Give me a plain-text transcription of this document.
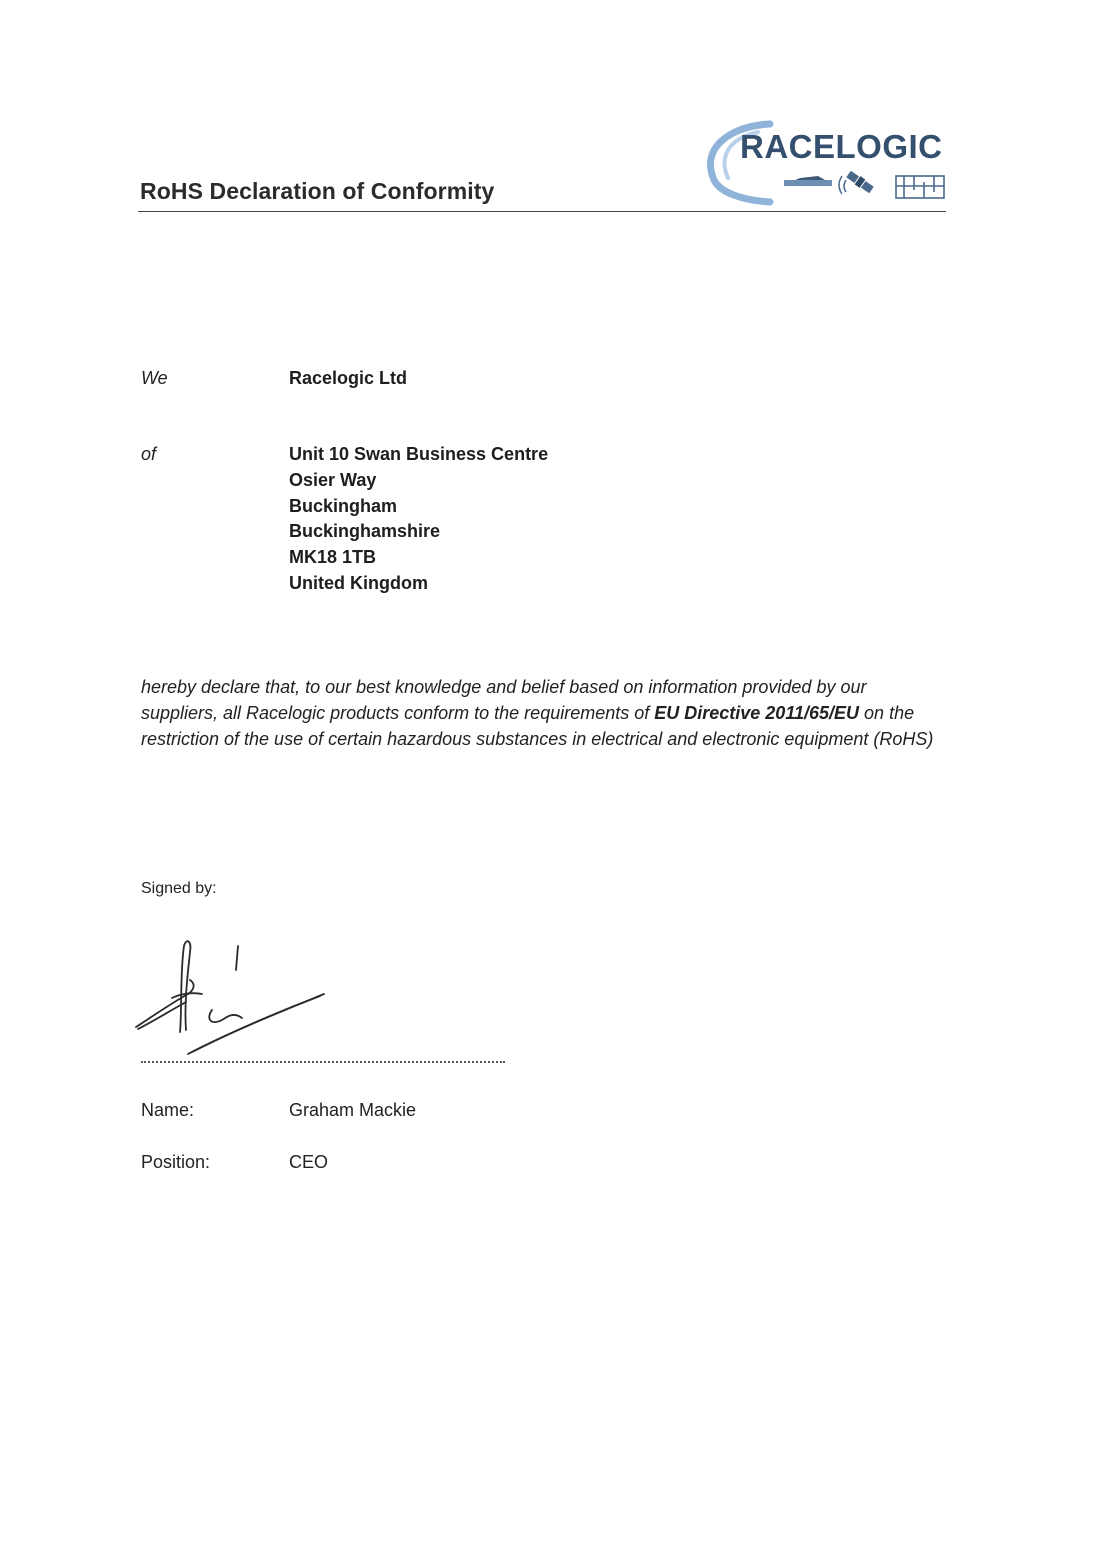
RACELOGIC
RoHS Declaration of Conformity
We	Racelogic Ltd
of	Unit 10 Swan Business Centre
Osier Way
Buckingham
Buckinghamshire
MK18 1TB
United Kingdom
hereby declare that, to our best knowledge and belief based on information provided by our suppliers, all Racelogic products conform to the requirements of EU Directive 2011/65/EU on the restriction of the use of certain hazardous substances in electrical and electronic equipment (RoHS)
Signed by:
Name:	Graham Mackie
Position:	CEO
